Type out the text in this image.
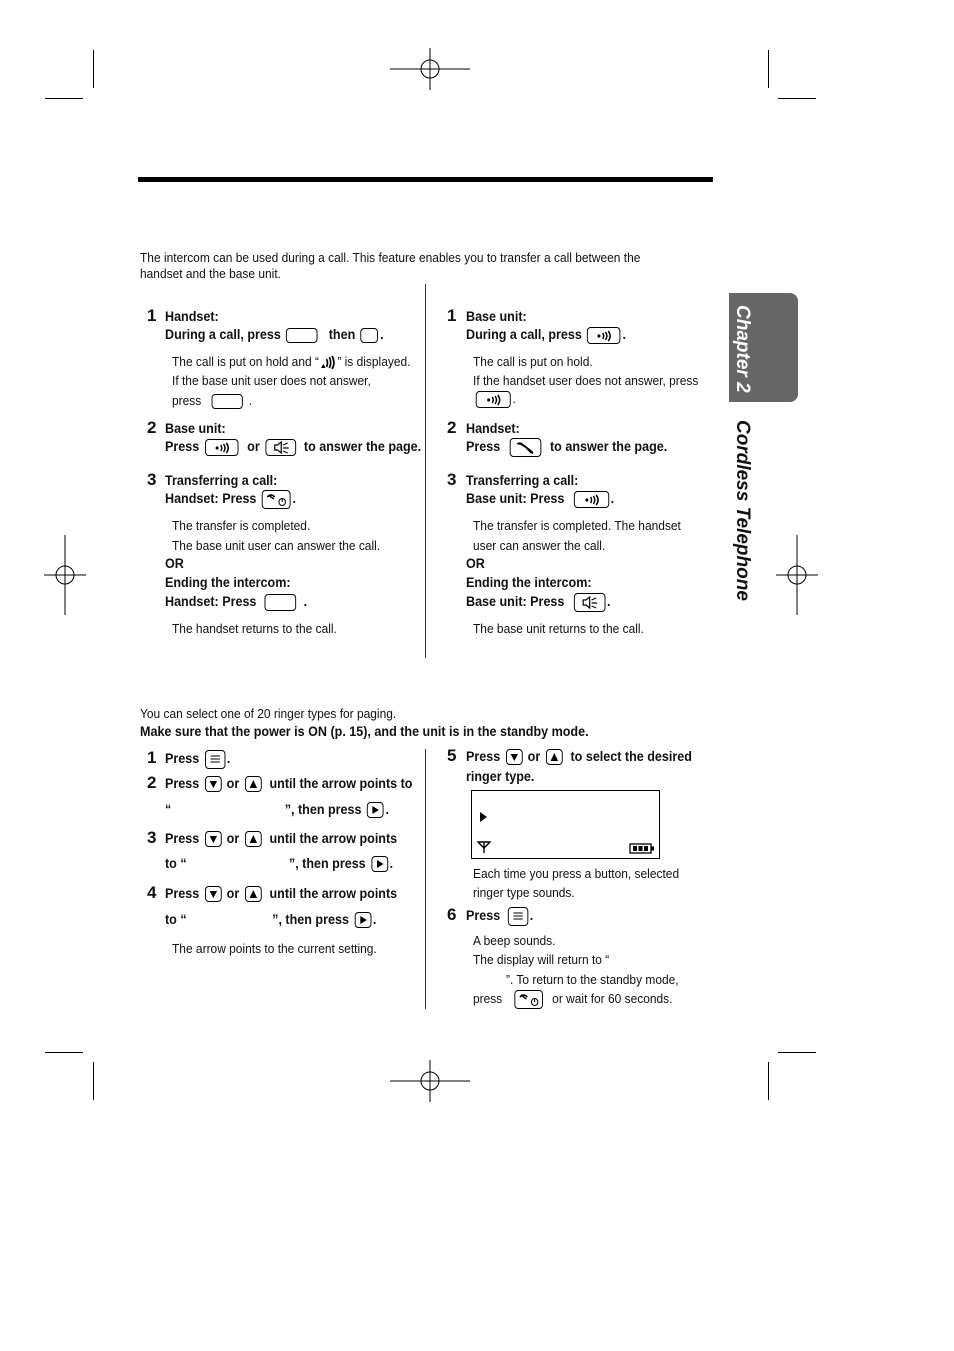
Chapter 2
Cordless Telephone

The intercom can be used during a call. This feature enables you to transfer a call between the

handset and the base unit.

1 Handset:

During a call, press	then .

The call is put on hold and “ ” is displayed.

If the base unit user does not answer,

press	.

2 Base unit:

Press	or	to answer the page.

3 Transferring a call:

Handset: Press	.

The transfer is completed.

The base unit user can answer the call.

OR

Ending the intercom:

Handset: Press	.

The handset returns to the call.

1 Base unit:

During a call, press	.

The call is put on hold.

If the handset user does not answer, press

.

2 Handset:

Press	to answer the page.

3 Transferring a call:

Base unit: Press	.

The transfer is completed. The handset

user can answer the call.

OR

Ending the intercom:

Base unit: Press	.

The base unit returns to the call.

You can select one of 20 ringer types for paging.

Make sure that the power is ON (p. 15), and the unit is in the standby mode.

1 Press .

2 Press or until the arrow points to

“	”, then press .

3 Press or until the arrow points

to “	”, then press .

4 Press or until the arrow points

to “	”, then press .

The arrow points to the current setting.

5 Press or to select the desired

ringer type.

Each time you press a button, selected

ringer type sounds.

6 Press .

A beep sounds.

The display will return to “

”. To return to the standby mode,

press	or wait for 60 seconds.
